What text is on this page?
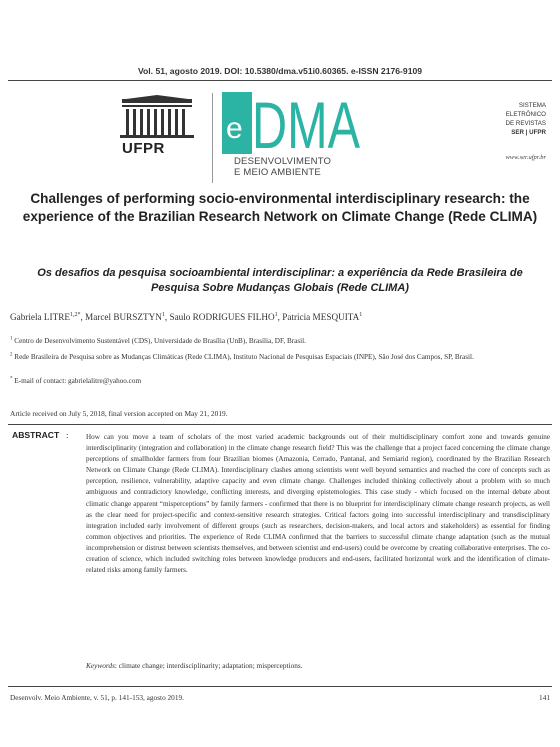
Vol. 51, agosto 2019. DOI: 10.5380/dma.v51i0.60365. e-ISSN 2176-9109
UFPR
e DMA
DESENVOLVIMENTO
E MEIO AMBIENTE
SISTEMA
ELETRÔNICO
DE REVISTAS
SER | UFPR
www.ser.ufpr.br
Challenges of performing socio-environmental interdisciplinary research: the experience of the Brazilian Research Network on Climate Change (Rede CLIMA)
Os desafios da pesquisa socioambiental interdisciplinar: a experiência da Rede Brasileira de Pesquisa Sobre Mudanças Globais (Rede CLIMA)
Gabriela $LITRE^{1,2*}$, Marcel BURSZTYN$^1$, Saulo RODRIGUES FILHO$^1$, Patricia MESQUITA$^1$
$^1$ Centro de Desenvolvimento Sustentável (CDS), Universidade de Brasília (UnB), Brasília, DF, Brasil.
$^2$ Rede Brasileira de Pesquisa sobre as Mudanças Climáticas (Rede CLIMA), Instituto Nacional de Pesquisas Espaciais (INPE), São José dos Campos, SP, Brasil.
* E-mail of contact: gabrielalitre@yahoo.com
Article received on July 5, 2018, final version accepted on May 21, 2019.
ABSTRACT : How can you move a team of scholars of the most varied academic backgrounds out of their multidisciplinary comfort zone and towards genuine interdisciplinarity (integration and collaboration) in the climate change research field? This was the challenge that a project faced concerning the climate change perceptions of smallholder farmers from four Brazilian biomes (Amazonia, Cerrado, Pantanal, and Semiarid region), coordinated by the Brazilian Research Network on Climate Change (Rede CLIMA). Interdisciplinary clashes among scientists went well beyond semantics and reached the core of concepts such as perception, resilience, vulnerability, adaptive capacity and even climate change. Challenges included thinking collectively about a problem with so much ambiguous and contradictory knowledge, conflicting interests, and diverging epistemologies. This case study - which focused on the internal debate about climatic change apparent “misperceptions” by family farmers - confirmed that there is no blueprint for interdisciplinary climate change research projects, as well as the clear need for project-specific and context-sensitive research strategies. Critical factors going into successful interdisciplinary and transdisciplinary integration included early involvement of different groups (such as researchers, decision-makers, and local actors and stakeholders) as essential for finding common objectives and priorities. The experience of Rede CLIMA confirmed that the barriers to successful climate change adaptation (such as the mutual incomprehension or distrust between scientists themselves, and between scientist and end-users) could be overcome by creating collaborative enterprises. The co-creation of science, which included switching roles between knowledge producers and end-users, facilitated horizontal work and the identification of climate-related risks among family farmers.
Keywords: climate change; interdisciplinarity; adaptation; misperceptions.
Desenvolv. Meio Ambiente, v. 51, p. 141-153, agosto 2019.	141
